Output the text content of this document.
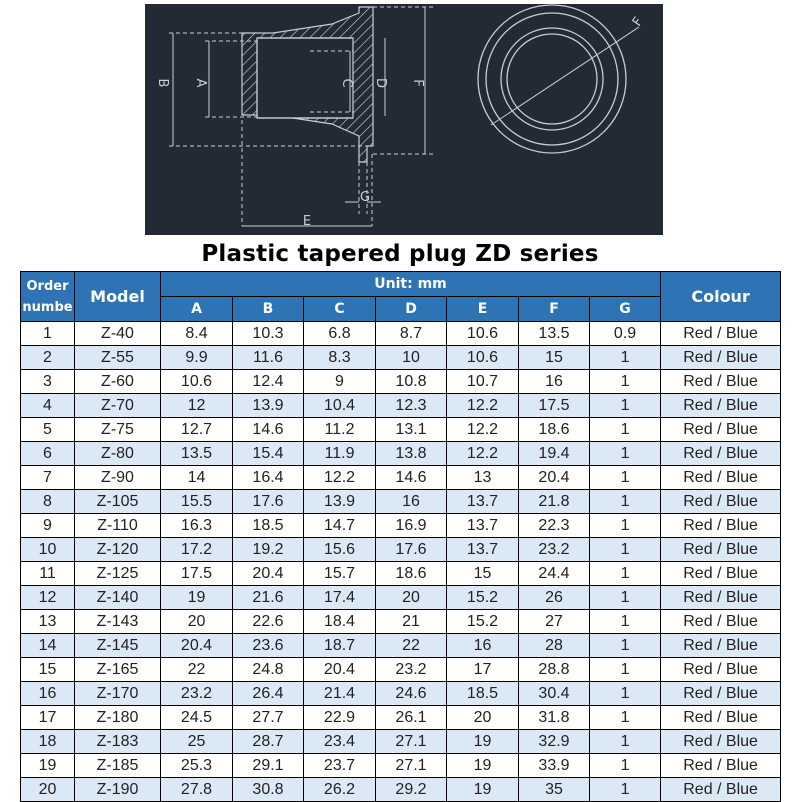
B A	C D F
F
G
E
Plastic tapered plug ZD series
Order
numbe	Model	Unit: mm							Colour
		A	B	C	D	E	F	G	
1	Z-40	8.4	10.3	6.8	8.7	10.6	13.5	0.9	Red / Blue
2	Z-55	9.9	11.6	8.3	10	10.6	15	1	Red / Blue
3	Z-60	10.6	12.4	9	10.8	10.7	16	1	Red / Blue
4	Z-70	12	13.9	10.4	12.3	12.2	17.5	1	Red / Blue
5	Z-75	12.7	14.6	11.2	13.1	12.2	18.6	1	Red / Blue
6	Z-80	13.5	15.4	11.9	13.8	12.2	19.4	1	Red / Blue
7	Z-90	14	16.4	12.2	14.6	13	20.4	1	Red / Blue
8	Z-105	15.5	17.6	13.9	16	13.7	21.8	1	Red / Blue
9	Z-110	16.3	18.5	14.7	16.9	13.7	22.3	1	Red / Blue
10	Z-120	17.2	19.2	15.6	17.6	13.7	23.2	1	Red / Blue
11	Z-125	17.5	20.4	15.7	18.6	15	24.4	1	Red / Blue
12	Z-140	19	21.6	17.4	20	15.2	26	1	Red / Blue
13	Z-143	20	22.6	18.4	21	15.2	27	1	Red / Blue
14	Z-145	20.4	23.6	18.7	22	16	28	1	Red / Blue
15	Z-165	22	24.8	20.4	23.2	17	28.8	1	Red / Blue
16	Z-170	23.2	26.4	21.4	24.6	18.5	30.4	1	Red / Blue
17	Z-180	24.5	27.7	22.9	26.1	20	31.8	1	Red / Blue
18	Z-183	25	28.7	23.4	27.1	19	32.9	1	Red / Blue
19	Z-185	25.3	29.1	23.7	27.1	19	33.9	1	Red / Blue
20	Z-190	27.8	30.8	26.2	29.2	19	35	1	Red / Blue
